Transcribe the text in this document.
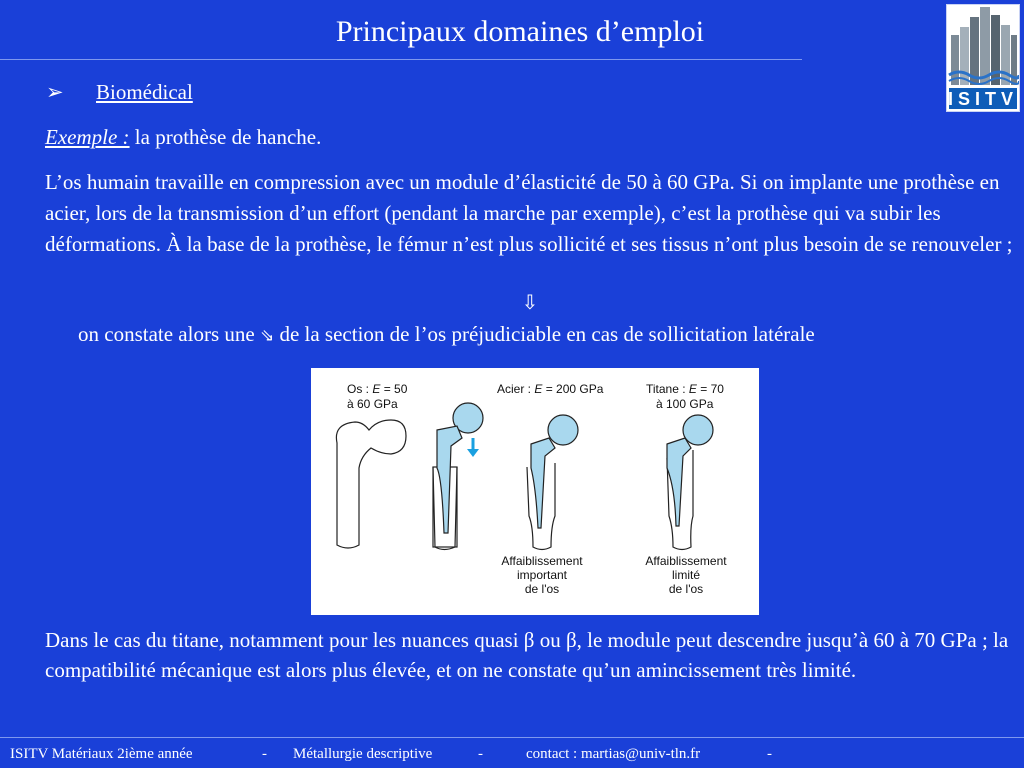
Principaux domaines d’emploi
ISITV
➢ Biomédical
Exemple : la prothèse de hanche.
L’os humain travaille en compression avec un module d’élasticité de 50 à 60 GPa. Si on implante une prothèse en acier, lors de la transmission d’un effort (pendant la marche par exemple), c’est la prothèse qui va subir les déformations. À la base de la prothèse, le fémur n’est plus sollicité et ses tissus n’ont plus besoin de se renouveler ;
⇩
on constate alors une ⇘ de la section de l’os préjudiciable en cas de sollicitation latérale
Os : E = 50
à 60 GPa
Acier : E = 200 GPa	Titane : E = 70
à 100 GPa
Affaiblissement
important
de l'os
Affaiblissement
limité
de l'os
Dans le cas du titane, notamment pour les nuances quasi β ou β, le module peut descendre jusqu’à 60 à 70 GPa ; la compatibilité mécanique est alors plus élevée, et on ne constate qu’un amincissement très limité.
ISITV Matériaux 2ième année	- Métallurgie descriptive	-	contact : martias@univ-tln.fr	-
